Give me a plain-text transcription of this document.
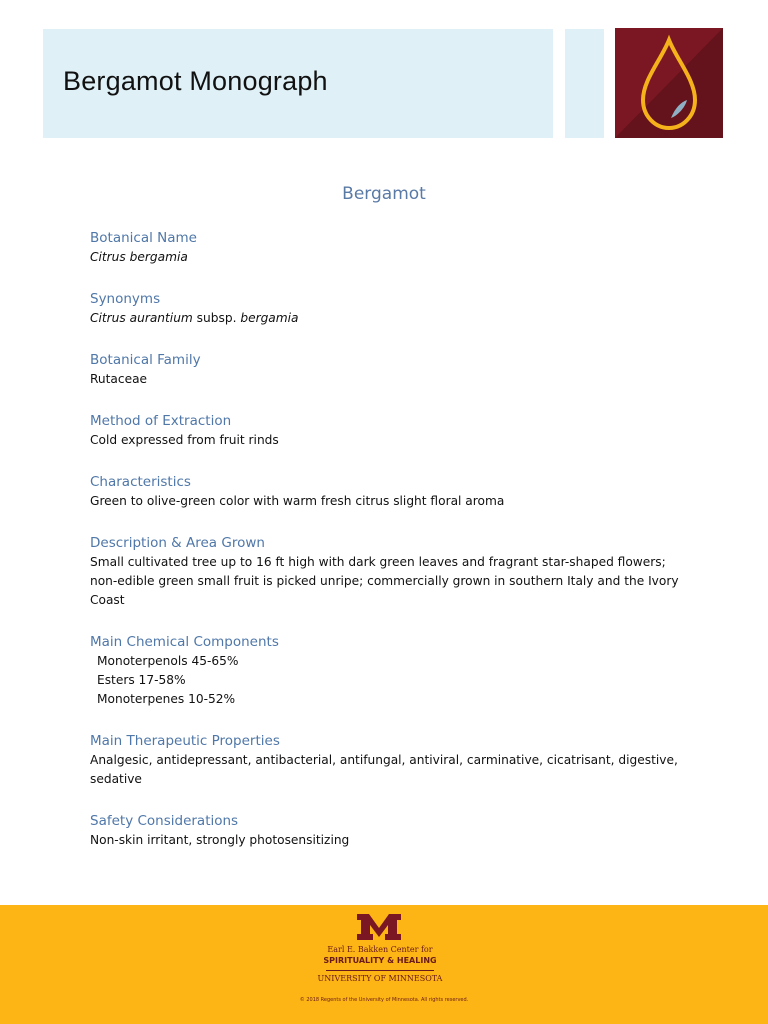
Bergamot Monograph
Bergamot
Botanical Name
Citrus bergamia
Synonyms
Citrus aurantium subsp. bergamia
Botanical Family
Rutaceae
Method of Extraction
Cold expressed from fruit rinds
Characteristics
Green to olive-green color with warm fresh citrus slight floral aroma
Description & Area Grown
Small cultivated tree up to 16 ft high with dark green leaves and fragrant star-shaped flowers; non-edible green small fruit is picked unripe; commercially grown in southern Italy and the Ivory Coast
Main Chemical Components
Monoterpenols 45-65%
Esters 17-58%
Monoterpenes 10-52%
Main Therapeutic Properties
Analgesic, antidepressant, antibacterial, antifungal, antiviral, carminative, cicatrisant, digestive, sedative
Safety Considerations
Non-skin irritant, strongly photosensitizing
Earl E. Bakken Center for
SPIRITUALITY & HEALING
UNIVERSITY OF MINNESOTA
© 2018 Regents of the University of Minnesota. All rights reserved.
